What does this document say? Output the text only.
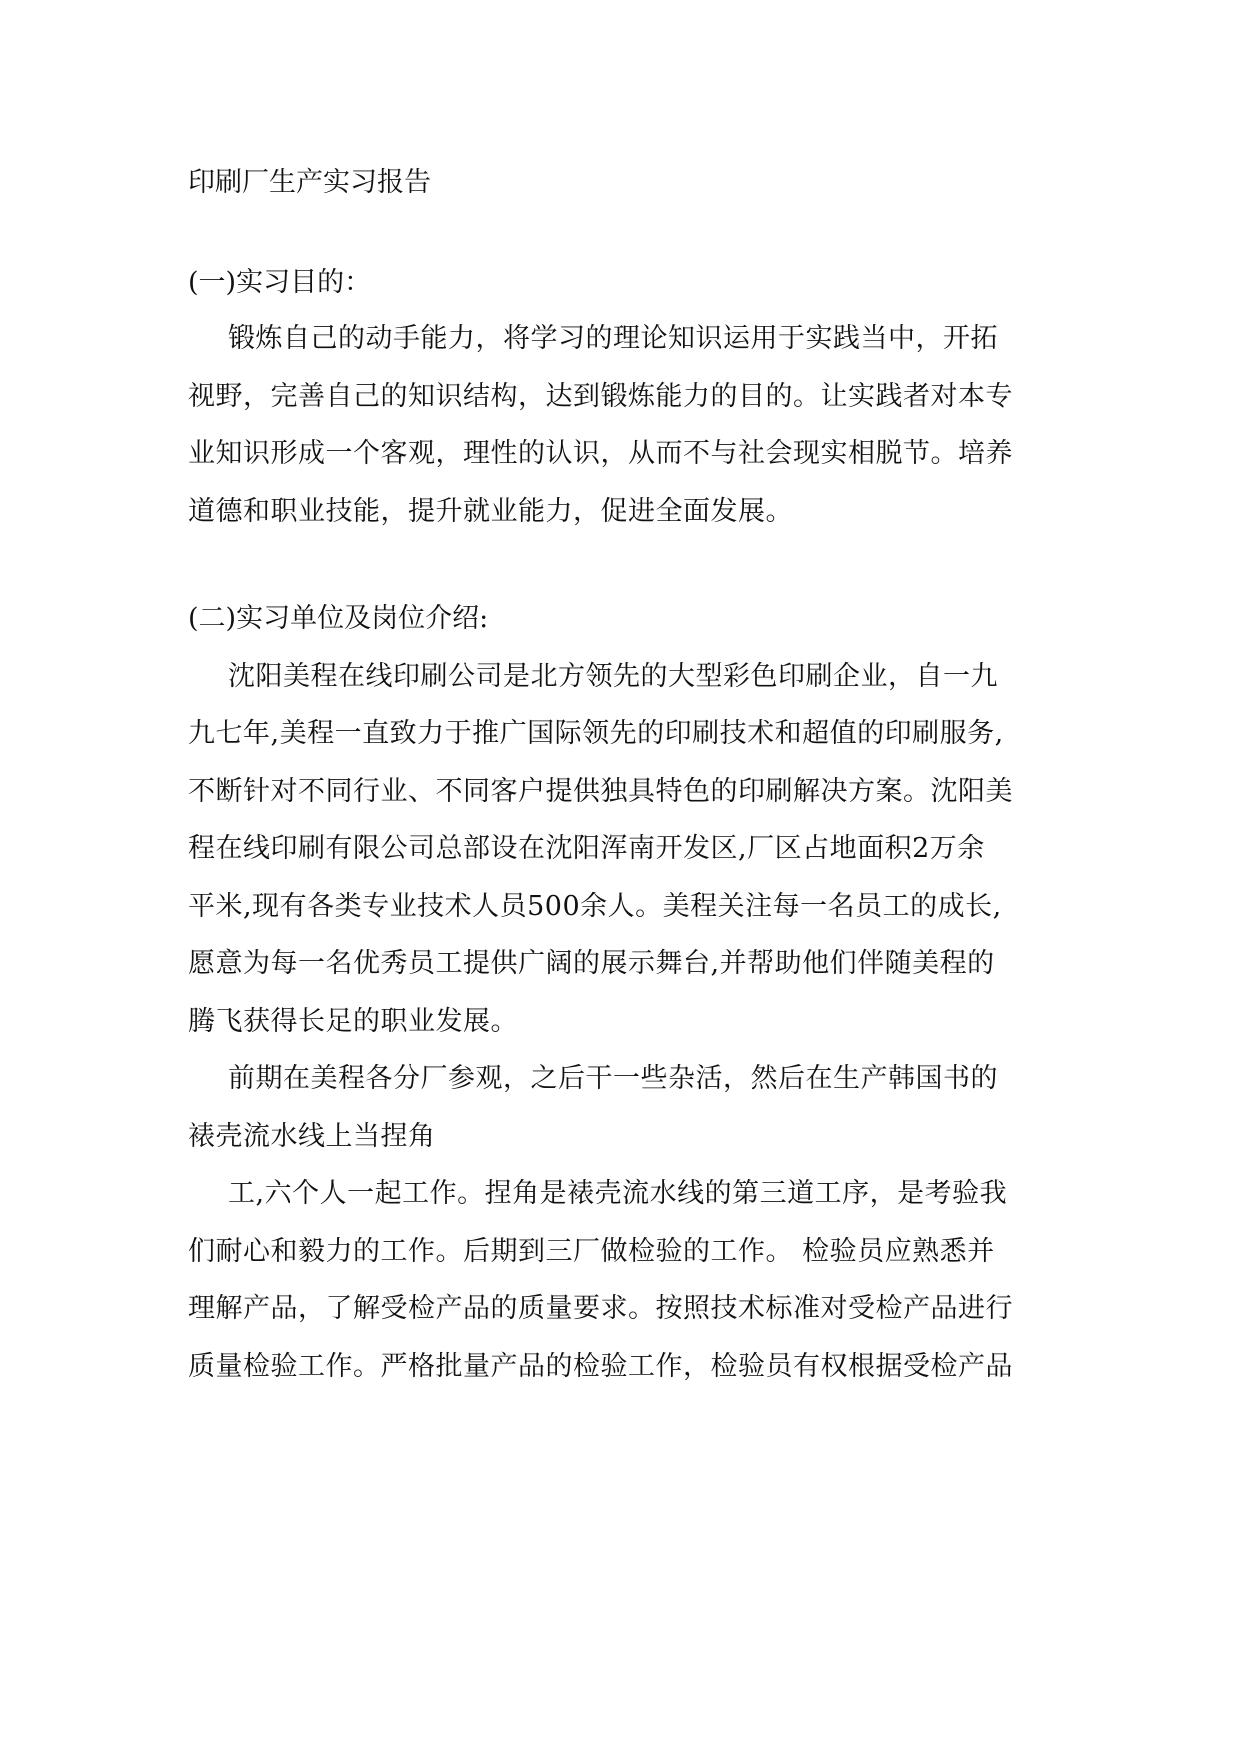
印刷厂生产实习报告
(一)实习目的：
锻炼自己的动手能力，将学习的理论知识运用于实践当中，开拓
视野，完善自己的知识结构，达到锻炼能力的目的。让实践者对本专
业知识形成一个客观，理性的认识，从而不与社会现实相脱节。培养
道德和职业技能，提升就业能力，促进全面发展。
(二)实习单位及岗位介绍:
沈阳美程在线印刷公司是北方领先的大型彩色印刷企业，自一九
九七年,美程一直致力于推广国际领先的印刷技术和超值的印刷服务,
不断针对不同行业、不同客户提供独具特色的印刷解决方案。沈阳美
程在线印刷有限公司总部设在沈阳浑南开发区,厂区占地面积2万余
平米,现有各类专业技术人员500余人。美程关注每一名员工的成长,
愿意为每一名优秀员工提供广阔的展示舞台,并帮助他们伴随美程的
腾飞获得长足的职业发展。
前期在美程各分厂参观，之后干一些杂活，然后在生产韩国书的
裱壳流水线上当捏角
工,六个人一起工作。捏角是裱壳流水线的第三道工序，是考验我
们耐心和毅力的工作。后期到三厂做检验的工作。 检验员应熟悉并
理解产品，了解受检产品的质量要求。按照技术标准对受检产品进行
质量检验工作。严格批量产品的检验工作，检验员有权根据受检产品
